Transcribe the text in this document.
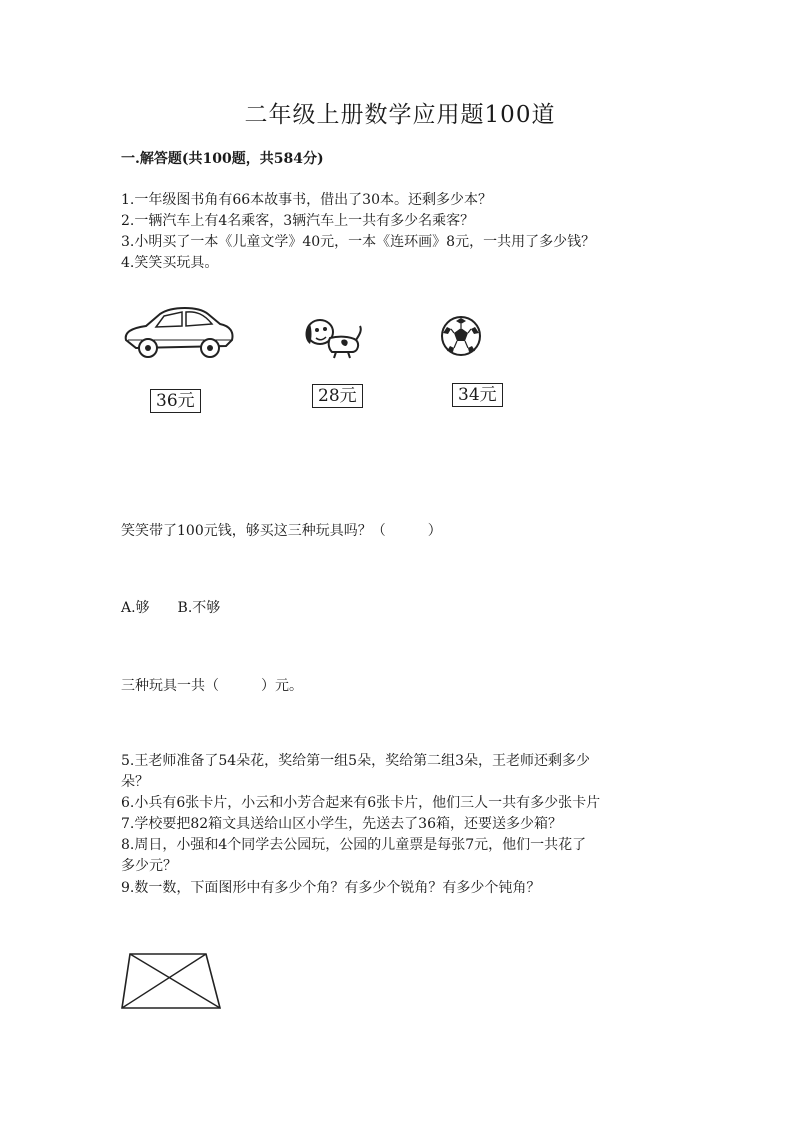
二年级上册数学应用题100道
一.解答题(共100题，共584分)
1.一年级图书角有66本故事书，借出了30本。还剩多少本？
2.一辆汽车上有4名乘客，3辆汽车上一共有多少名乘客？
3.小明买了一本《儿童文学》40元，一本《连环画》8元，一共用了多少钱？
4.笑笑买玩具。
36元	28元	34元
笑笑带了100元钱，够买这三种玩具吗？（　　　）
A.够　　B.不够
三种玩具一共（　　　）元。
5.王老师准备了54朵花，奖给第一组5朵，奖给第二组3朵，王老师还剩多少
朵？
6.小兵有6张卡片，小云和小芳合起来有6张卡片，他们三人一共有多少张卡片
7.学校要把82箱文具送给山区小学生，先送去了36箱，还要送多少箱？
8.周日，小强和4个同学去公园玩，公园的儿童票是每张7元，他们一共花了
多少元？
9.数一数，下面图形中有多少个角？有多少个锐角？有多少个钝角？
